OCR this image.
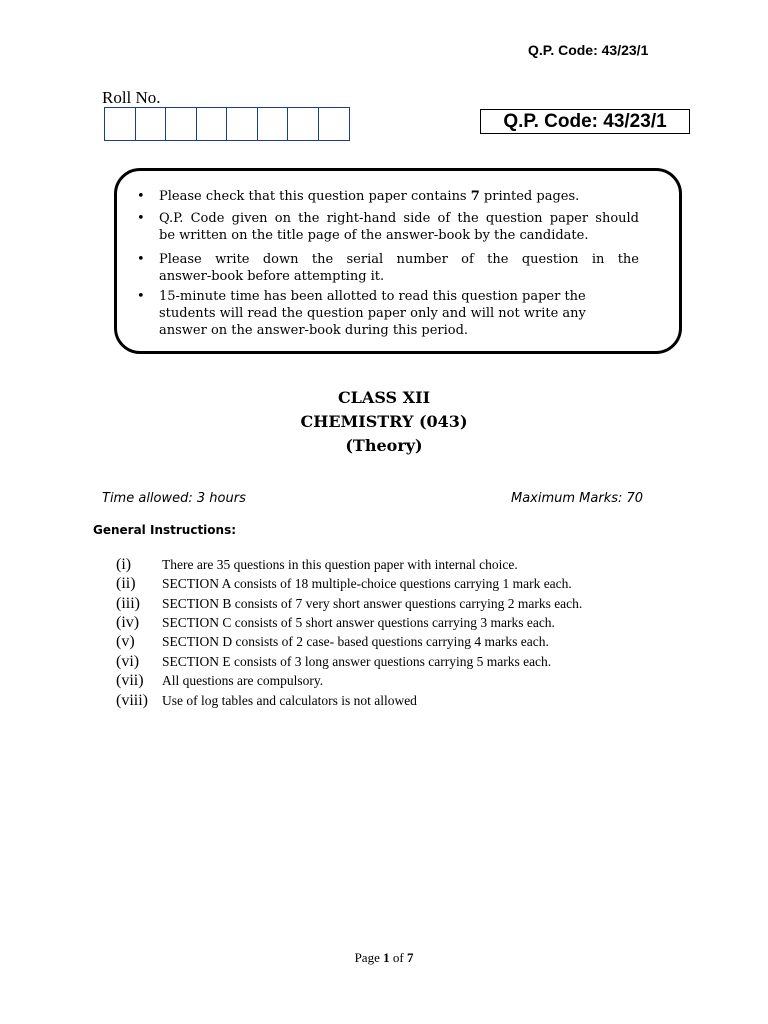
Q.P. Code: 43/23/1
Roll No.
Q.P. Code: 43/23/1
• Please check that this question paper contains 7 printed pages.
• Q.P. Code given on the right-hand side of the question paper should
be written on the title page of the answer-book by the candidate.
• Please write down the serial number of the question in the
answer-book before attempting it.
• 15-minute time has been allotted to read this question paper the
students will read the question paper only and will not write any
answer on the answer-book during this period.
CLASS XII
CHEMISTRY (043)
(Theory)
Time allowed: 3 hours	Maximum Marks: 70
General Instructions:
(i)	There are 35 questions in this question paper with internal choice.
(ii)	SECTION A consists of 18 multiple-choice questions carrying 1 mark each.
(iii)	SECTION B consists of 7 very short answer questions carrying 2 marks each.
(iv)	SECTION C consists of 5 short answer questions carrying 3 marks each.
(v)	SECTION D consists of 2 case- based questions carrying 4 marks each.
(vi)	SECTION E consists of 3 long answer questions carrying 5 marks each.
(vii)	All questions are compulsory.
(viii)	Use of log tables and calculators is not allowed
Page 1 of 7
